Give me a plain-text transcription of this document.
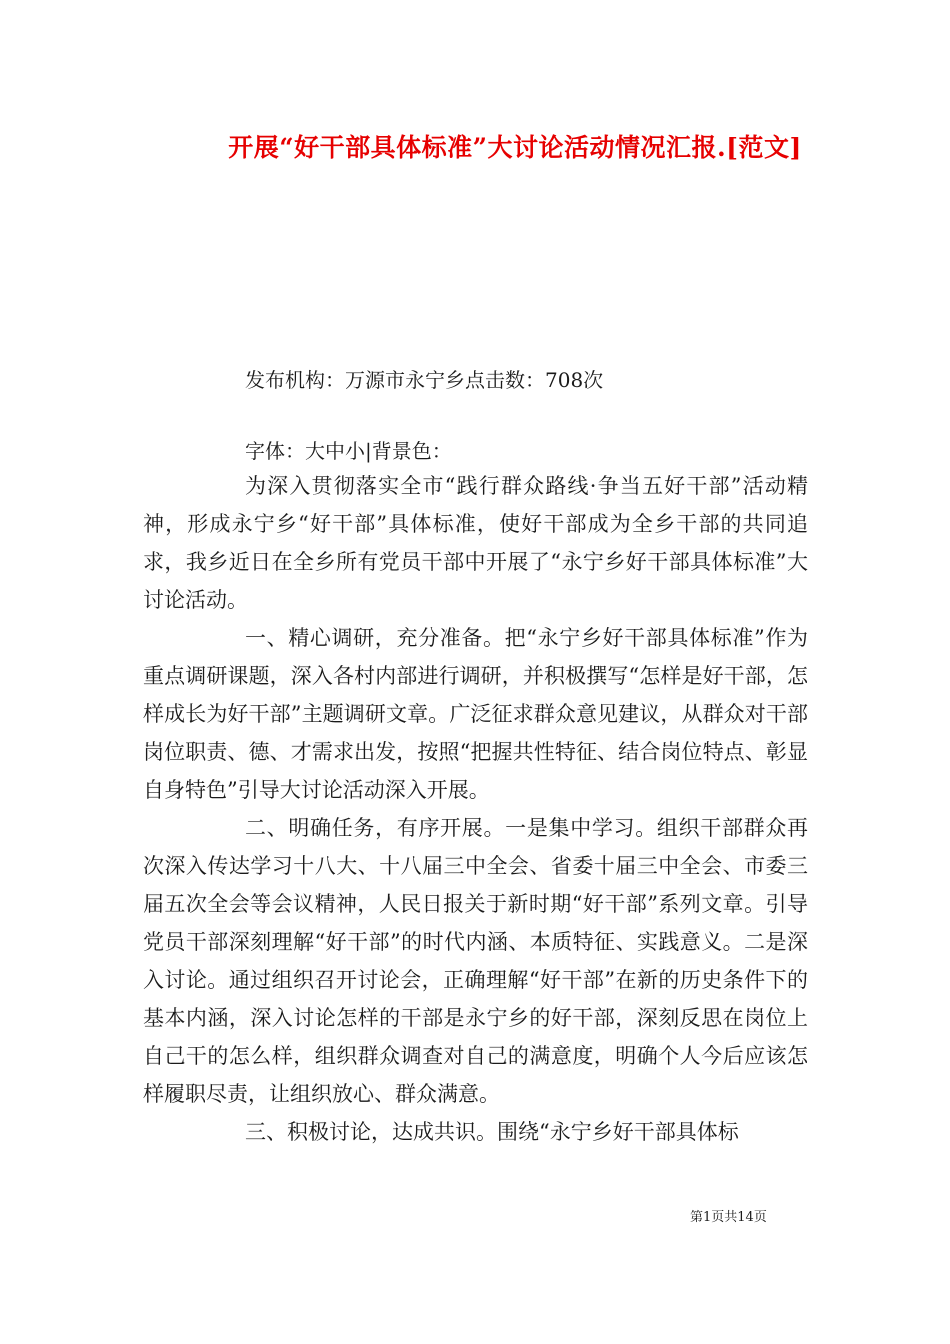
开展“好干部具体标准”大讨论活动情况汇报.[范文]
发布机构：万源市永宁乡点击数：708次
字体：大中小|背景色：

为深入贯彻落实全市“践行群众路线·争当五好干部”活动精神，形成永宁乡“好干部”具体标准，使好干部成为全乡干部的共同追求，我乡近日在全乡所有党员干部中开展了“永宁乡好干部具体标准”大讨论活动。

一、精心调研，充分准备。把“永宁乡好干部具体标准”作为重点调研课题，深入各村内部进行调研，并积极撰写“怎样是好干部，怎样成长为好干部”主题调研文章。广泛征求群众意见建议，从群众对干部岗位职责、德、才需求出发，按照“把握共性特征、结合岗位特点、彰显自身特色”引导大讨论活动深入开展。

二、明确任务，有序开展。一是集中学习。组织干部群众再次深入传达学习十八大、十八届三中全会、省委十届三中全会、市委三届五次全会等会议精神，人民日报关于新时期“好干部”系列文章。引导党员干部深刻理解“好干部”的时代内涵、本质特征、实践意义。二是深入讨论。通过组织召开讨论会，正确理解“好干部”在新的历史条件下的基本内涵，深入讨论怎样的干部是永宁乡的好干部，深刻反思在岗位上自己干的怎么样，组织群众调查对自己的满意度，明确个人今后应该怎样履职尽责，让组织放心、群众满意。

三、积极讨论，达成共识。围绕“永宁乡好干部具体标

第1页共14页
